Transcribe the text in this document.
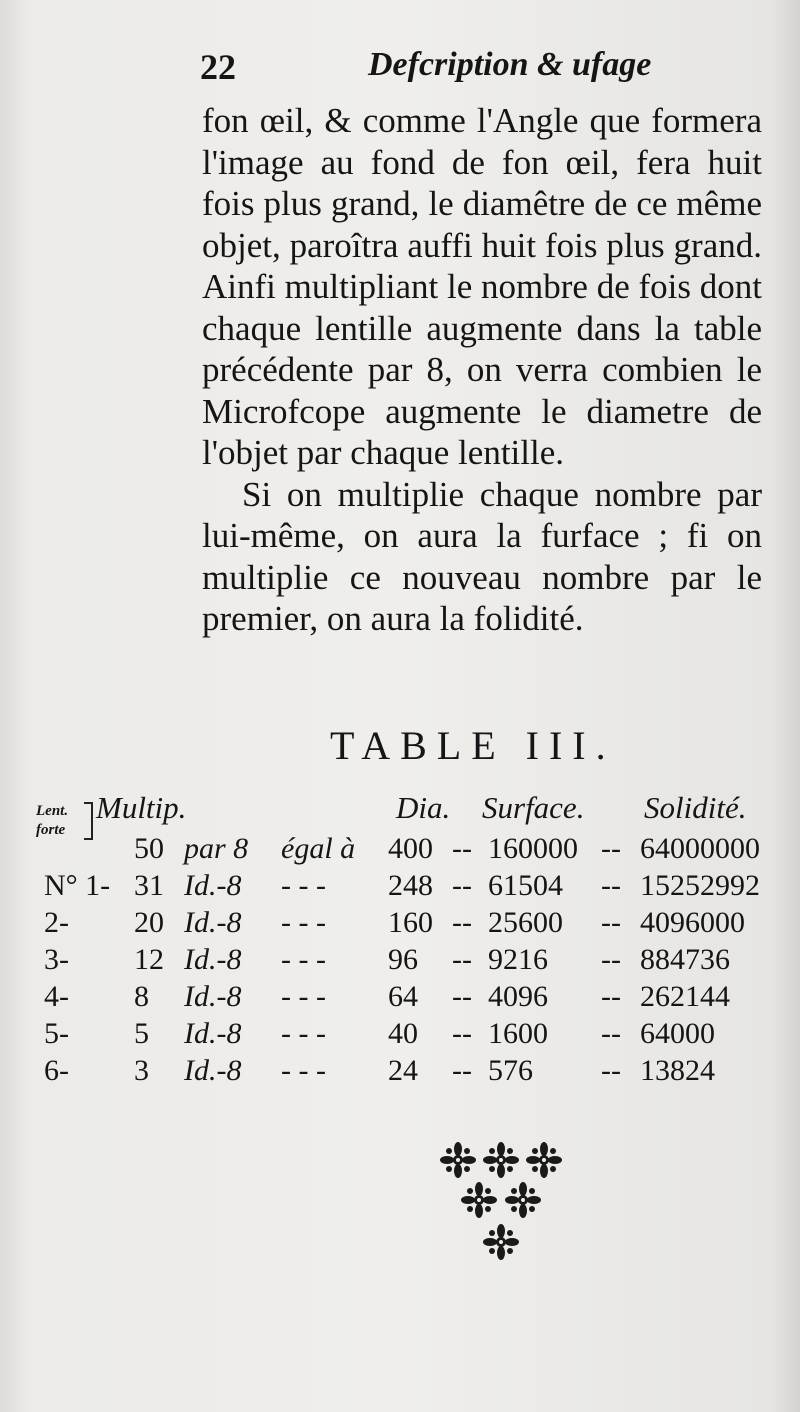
22	Defcription & ufage

fon œil, & comme l'Angle que formera l'image au fond de fon œil, fera huit fois plus grand, le diamêtre de ce même objet, paroîtra auffi huit fois plus grand. Ainfi multipliant le nombre de fois dont chaque lentille augmente dans la table précédente par 8, on verra combien le Microfcope augmente le diametre de l'objet par chaque lentille.

Si on multiplie chaque nombre par lui-même, on aura la furface ; fi on multiplie ce nouveau nombre par le premier, on aura la folidité.

TABLE III.
Lent.
forte
Multip.	Dia. Surface. Solidité.
50 par 8 égal à 400 -- 160000 -- 64000000
N° 1- 31 Id.-8 - - - 248 -- 61504 -- 15252992
2- 20 Id.-8 - - - 160 -- 25600 -- 4096000
3- 12 Id.-8 - - - 96 -- 9216 -- 884736
4- 8 Id.-8 - - - 64 -- 4096 -- 262144
5- 5 Id.-8 - - - 40 -- 1600 -- 64000
6- 3 Id.-8 - - - 24 -- 576 -- 13824
